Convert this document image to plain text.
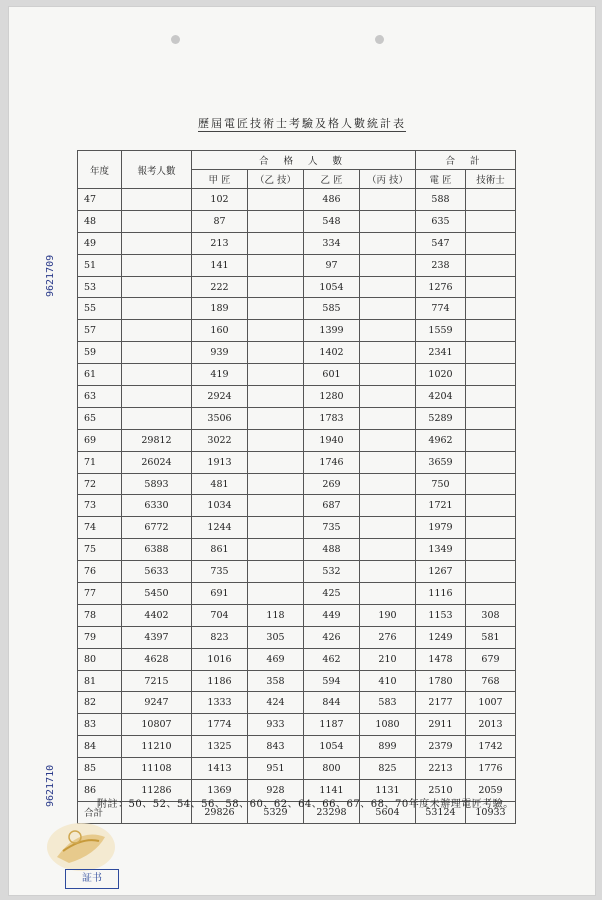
9621709
9621710
歷屆電匠技術士考驗及格人數統計表
年度	報考人數	合 格 人 數				合 計	
		甲 匠	（乙 技）	乙 匠	（丙 技）	電 匠	技術士
47		102		486		588	
48		87		548		635	
49		213		334		547	
51		141		97		238	
53		222		1054		1276	
55		189		585		774	
57		160		1399		1559	
59		939		1402		2341	
61		419		601		1020	
63		2924		1280		4204	
65		3506		1783		5289	
69	29812	3022		1940		4962	
71	26024	1913		1746		3659	
72	5893	481		269		750	
73	6330	1034		687		1721	
74	6772	1244		735		1979	
75	6388	861		488		1349	
76	5633	735		532		1267	
77	5450	691		425		1116	
78	4402	704	118	449	190	1153	308
79	4397	823	305	426	276	1249	581
80	4628	1016	469	462	210	1478	679
81	7215	1186	358	594	410	1780	768
82	9247	1333	424	844	583	2177	1007
83	10807	1774	933	1187	1080	2911	2013
84	11210	1325	843	1054	899	2379	1742
85	11108	1413	951	800	825	2213	1776
86	11286	1369	928	1141	1131	2510	2059
合計		29826	5329	23298	5604	53124	10933
附註：50、52、54、56、58、60、62、64、66、67、68、70年度未辦理電匠考驗。
証书
